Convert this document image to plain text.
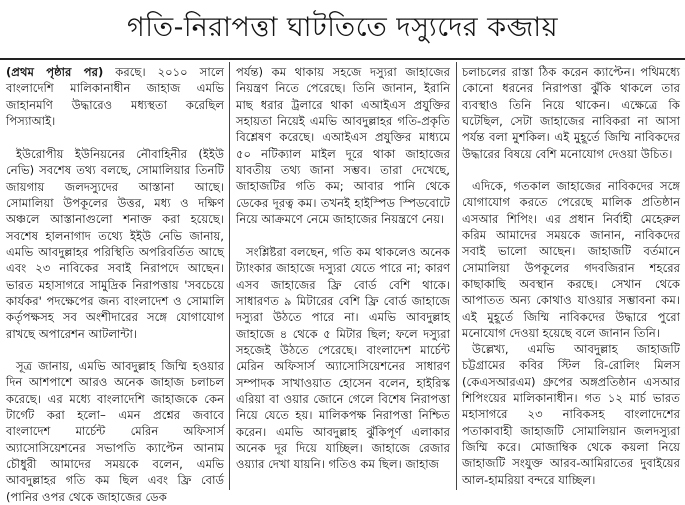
গতি-নিরাপত্তা ঘাটতিতে দস্যুদের কব্জায়

(প্রথম পৃষ্ঠার পর) করছে। ২০১০ সালে বাংলাদেশি মালিকানাধীন জাহাজ এমভি জাহানমণি উদ্ধারেও মধ্যস্থতা করেছিল পিস্যাআই।

ইউরোপীয় ইউনিয়নের নৌবাহিনীর (ইইউ নেভি) সবশেষ তথ্য বলছে, সোমালিয়ার তিনটি জায়গায় জলদস্যুদের আস্তানা আছে। সোমালিয়া উপকূলের উত্তর, মধ্য ও দক্ষিণ অঞ্চলে আস্তানাগুলো শনাক্ত করা হয়েছে। সবশেষ হালনাগাদ তথ্যে ইইউ নেভি জানায়, এমভি আবদুল্লাহর পরিস্থিতি অপরিবর্তিত আছে এবং ২৩ নাবিকের সবাই নিরাপদে আছেন। ভারত মহাসাগরে সামুদ্রিক নিরাপত্তায় 'সবচেয়ে কার্যকর' পদক্ষেপের জন্য বাংলাদেশ ও সোমালি কর্তৃপক্ষসহ সব অংশীদারের সঙ্গে যোগাযোগ রাখছে অপারেশন আটলান্টা।

সূত্র জানায়, এমভি আবদুল্লাহ জিম্মি হওয়ার দিন আশপাশে আরও অনেক জাহাজ চলাচল করেছে। এর মধ্যে বাংলাদেশি জাহাজকে কেন টার্গেট করা হলো– এমন প্রশ্নের জবাবে বাংলাদেশ মার্চেন্ট মেরিন অফিসার্স অ্যাসোসিয়েশনের সভাপতি ক্যাপ্টেন আনাম চৌধুরী আমাদের সময়কে বলেন, এমভি আবদুল্লাহর গতি কম ছিল এবং ফ্রি বোর্ড (পানির ওপর থেকে জাহাজের ডেক

পর্যন্ত) কম থাকায় সহজে দস্যুরা জাহাজের নিয়ন্ত্রণ নিতে পেরেছে। তিনি জানান, ইরানি মাছ ধরার ট্রলারে থাকা এআইএস প্রযুক্তির সহায়তা নিয়েই এমভি আবদুল্লাহর গতি-প্রকৃতি বিশ্লেষণ করেছে। এআইএস প্রযুক্তির মাধ্যমে ৫০ নটিক্যাল মাইল দূরে থাকা জাহাজের যাবতীয় তথ্য জানা সম্ভব। তারা দেখেছে, জাহাজটির গতি কম; আবার পানি থেকে ডেকের দূরত্ব কম। তখনই হাইস্পিড স্পিডবোটে নিয়ে আক্রমণে নেমে জাহাজের নিয়ন্ত্রণে নেয়।

সংশ্লিষ্টরা বলছেন, গতি কম থাকলেও অনেক ট্যাংকার জাহাজে দস্যুরা যেতে পারে না; কারণ এসব জাহাজের ফ্রি বোর্ড বেশি থাকে। সাধারণত ৯ মিটারের বেশি ফ্রি বোর্ড জাহাজে দস্যুরা উঠতে পারে না। এমভি আবদুল্লাহ জাহাজে ৪ থেকে ৫ মিটার ছিল; ফলে দস্যুরা সহজেই উঠতে পেরেছে। বাংলাদেশ মার্চেন্ট মেরিন অফিসার্স অ্যাসোসিয়েশনের সাধারণ সম্পাদক সাখাওয়াত হোসেন বলেন, হাইরিস্ক এরিয়া বা ওয়ার জোনে গেলে বিশেষ নিরাপত্তা নিয়ে যেতে হয়। মালিকপক্ষ নিরাপত্তা নিশ্চিত করেন। এমভি আবদুল্লাহ ঝুঁকিপূর্ণ এলাকার অনেক দূর দিয়ে যাচ্ছিল। জাহাজে রেজার ওয়্যার দেখা যায়নি। গতিও কম ছিল। জাহাজ

চলাচলের রাস্তা ঠিক করেন ক্যাপ্টেন। পথিমধ্যে কোনো ধরনের নিরাপত্তা ঝুঁকি থাকলে তার ব্যবস্থাও তিনি নিয়ে থাকেন। এক্ষেত্রে কি ঘটেছিল, সেটা জাহাজের নাবিকরা না আসা পর্যন্ত বলা মুশকিল। এই মুহূর্তে জিম্মি নাবিকদের উদ্ধারের বিষয়ে বেশি মনোযোগ দেওয়া উচিত।

এদিকে, গতকাল জাহাজের নাবিকদের সঙ্গে যোগাযোগ করতে পেরেছে মালিক প্রতিষ্ঠান এসআর শিপিং। এর প্রধান নির্বাহী মেহেরুল করিম আমাদের সময়কে জানান, নাবিকদের সবাই ভালো আছেন। জাহাজটি বর্তমানে সোমালিয়া উপকূলের গদবজিরান শহরের কাছাকাছি অবস্থান করছে। সেখান থেকে আপাতত অন্য কোথাও যাওয়ার সম্ভাবনা কম। এই মুহূর্তে জিম্মি নাবিকদের উদ্ধারে পুরো মনোযোগ দেওয়া হয়েছে বলে জানান তিনি।

উল্লেখ্য, এমভি আবদুল্লাহ জাহাজটি চট্টগ্রামের কবির স্টিল রি-রোলিং মিলস (কেএসআরএম) গ্রুপের অঙ্গপ্রতিষ্ঠান এসআর শিপিংয়ের মালিকানাধীন। গত ১২ মার্চ ভারত মহাসাগরে ২৩ নাবিকসহ বাংলাদেশের পতাকাবাহী জাহাজটি সোমালিয়ান জলদস্যুরা জিম্মি করে। মোজাম্বিক থেকে কয়লা নিয়ে জাহাজটি সংযুক্ত আরব-আমিরাতের দুবাইয়ের আল-হামরিয়া বন্দরে যাচ্ছিল।
